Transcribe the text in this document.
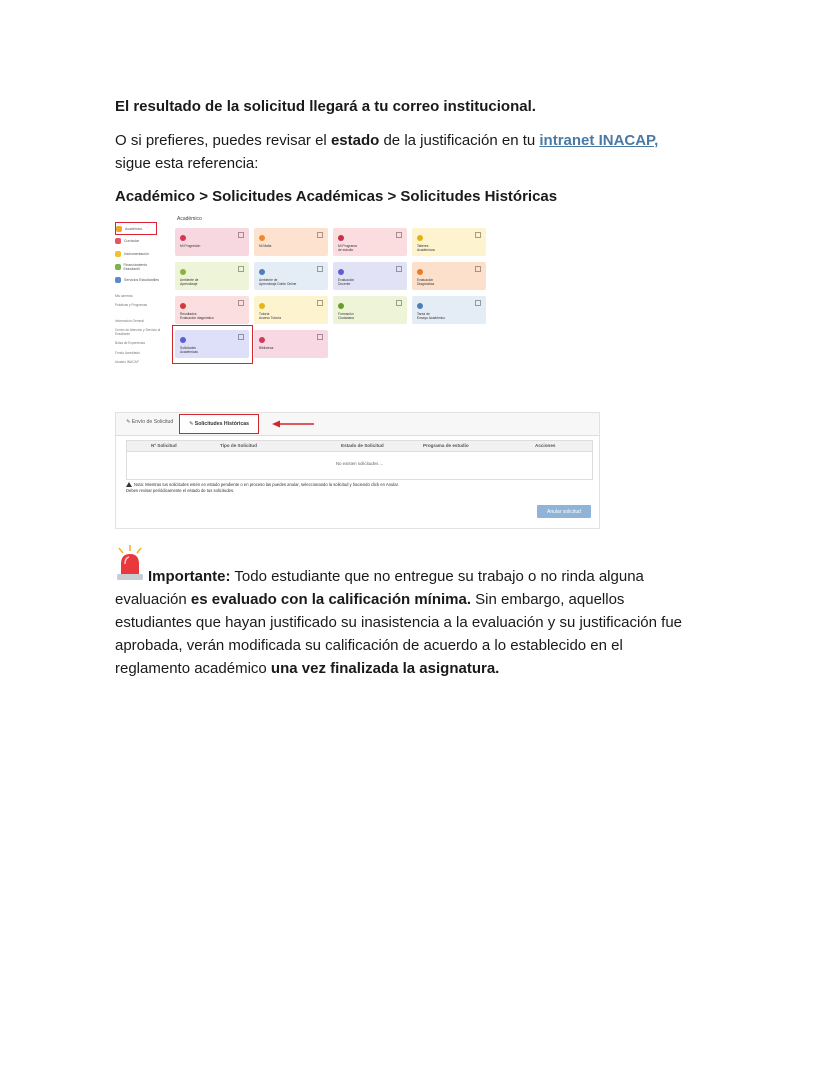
El resultado de la solicitud llegará a tu correo institucional.

O si prefieres, puedes revisar el estado de la justificación en tu intranet INACAP,
sigue esta referencia:

Académico > Solicitudes Académicas > Solicitudes Históricas

Académico
Curricular
Instrumentación
Financiamiento Estudiantil
Servicios Estudiantiles
Mis carreras
Prácticas y Programas
Información General
Centro de Atención y Servicio al Estudiante
Bolsa de Experiencia
Fondo Acreditado
Usuario INACAP
Académico
Mi Progresión	Mi Malla	Mi Programa
de estudio
Talleres
Académicos
Ambiente de
Aprendizaje
Ambiente de
Aprendizaje Doble Online
Evaluación
Docente
Evaluación
Diagnóstica
Resultados
Evaluación diagnóstico
Tutoría
Acceso Tutoría
Formación
Ciudadana
Tarea de
Ensayo Académico
Solicitudes
Académicas
Biblioteca
✎ Envío de Solicitud	✎ Solicitudes Históricas
Nº Solicitud	Tipo de Solicitud	Estado de Solicitud	Programa de estudio	Acciones
No existen solicitudes ...
Nota: Mientras tus solicitudes estén en estado pendiente o en proceso las puedes anular, seleccionando la solicitud y haciendo click en Anular.
Debes revisar periódicamente el estado de tus solicitudes.
Anular solicitud

Importante: Todo estudiante que no entregue su trabajo o no rinda alguna
evaluación es evaluado con la calificación mínima. Sin embargo, aquellos
estudiantes que hayan justificado su inasistencia a la evaluación y su justificación fue
aprobada, verán modificada su calificación de acuerdo a lo establecido en el
reglamento académico una vez finalizada la asignatura.
